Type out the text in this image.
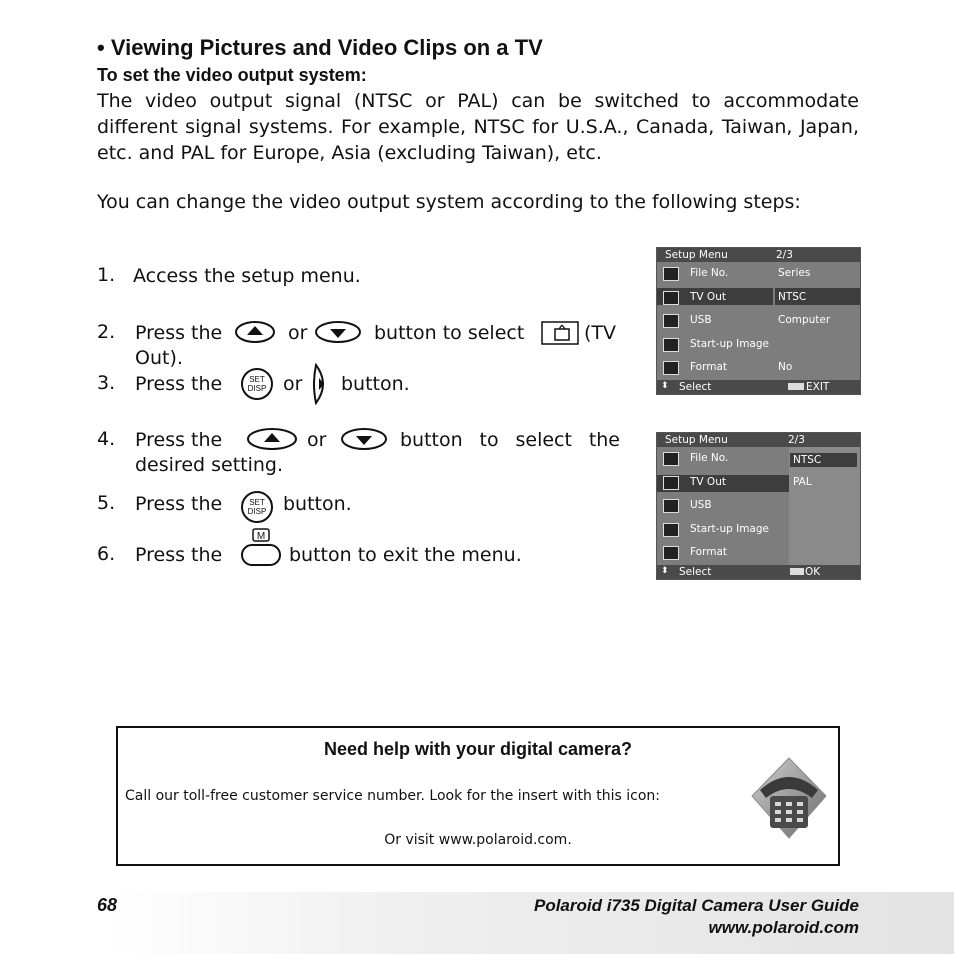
• Viewing Pictures and Video Clips on a TV
To set the video output system:
The video output signal (NTSC or PAL) can be switched to accommodate different signal systems. For example, NTSC for U.S.A., Canada, Taiwan, Japan, etc. and PAL for Europe, Asia (excluding Taiwan), etc.
You can change the video output system according to the following steps:
1. Access the setup menu.
2. Press the	or	button to select	(TV
Out).
3. Press the	SET
DISP or button.
4. Press the	or	button to select the
desired setting.
5. Press the	SET
DISP button.
6. Press the
M
button to exit the menu.
Setup Menu	2/3
File No.	Series
TV Out	NTSC
USB	Computer
Start-up Image
Format	No
⬍ Select	EXIT
Setup Menu	2/3
File No.	NTSC
TV Out	PAL
USB
Start-up Image
Format
⬍ Select	OK
Need help with your digital camera?
Call our toll-free customer service number. Look for the insert with this icon:
Or visit www.polaroid.com.
68	Polaroid i735 Digital Camera User Guide
www.polaroid.com
